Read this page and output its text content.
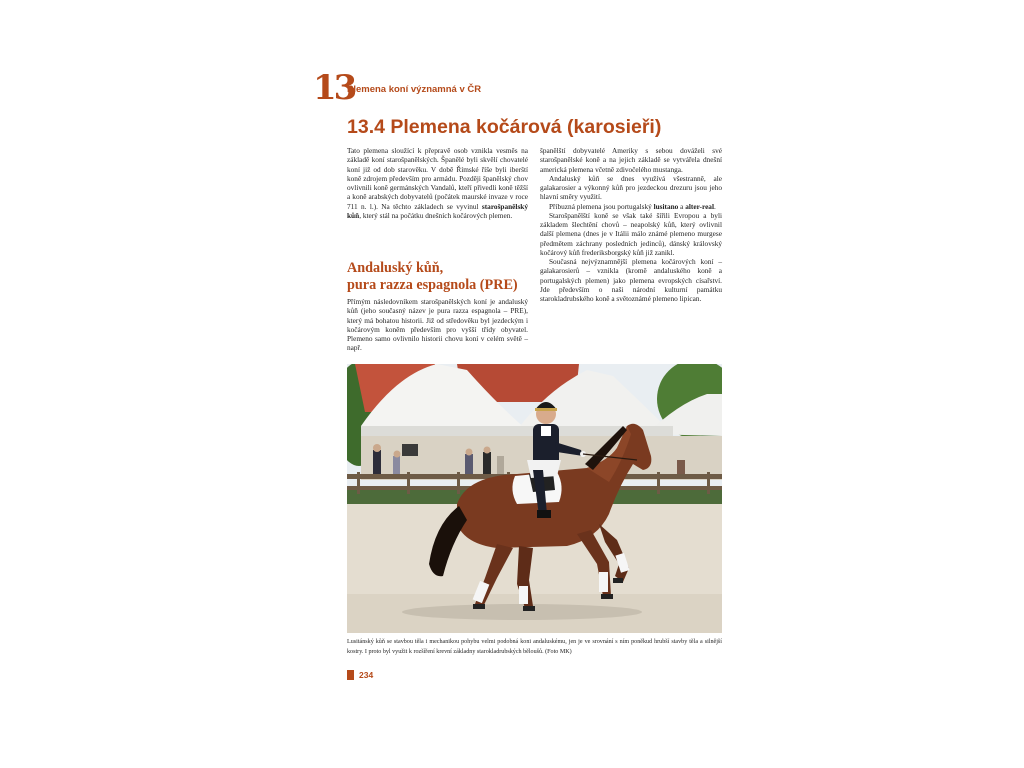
13
Plemena koní významná v ČR
13.4 Plemena kočárová (karosieři)

Tato plemena sloužící k přepravě osob vznikla vesměs na základě koní starošpanělských. Španělé byli skvělí chovatelé koní již od dob starověku. V době Římské říše byli iberští koně zdrojem především pro armádu. Později španělský chov ovlivnili koně germánských Vandalů, kteří přivedli koně těžší a koně arabských dobyvatelů (počátek maurské invaze v roce 711 n. l.). Na těchto základech se vyvinul starošpanělský kůň, který stál na počátku dnešních kočárových plemen.

Andaluský kůň,
pura razza espagnola (PRE)

Přímým následovníkem starošpanělských koní je andaluský kůň (jeho současný název je pura razza espagnola – PRE), který má bohatou historii. Již od středověku byl jezdeckým i kočárovým koněm především pro vyšší třídy obyvatel. Plemeno samo ovlivnilo historii chovu koní v celém světě – např.

španělští dobyvatelé Ameriky s sebou dováželi své starošpanělské koně a na jejich základě se vytvářela dnešní americká plemena včetně zdivočelého mustanga.

Andaluský kůň se dnes využívá všestranně, ale galakarosier a výkonný kůň pro jezdeckou drezuru jsou jeho hlavní směry využití.

Příbuzná plemena jsou portugalský lusitano a alter-real.

Starošpanělští koně se však také šířili Evropou a byli základem šlechtění chovů – neapolský kůň, který ovlivnil další plemena (dnes je v Itálii málo známé plemeno murgese předmětem záchrany posledních jedinců), dánský královský kočárový kůň frederiksborgský kůň již zanikl.

Současná nejvýznamnější plemena kočárových koní – galakarosierů – vznikla (kromě andaluského koně a portugalských plemen) jako plemena evropských císařství. Jde především o naši národní kulturní památku starokladrubského koně a světoznámé plemeno lipican.

Lusitánský kůň se stavbou těla i mechanikou pohybu velmi podobná koni andaluskému, jen je ve srovnání s ním poněkud hrubší stavby těla a silnější kostry. I proto byl využit k rozšíření krevní základny starokladrubských běloušů. (Foto MK)
234
